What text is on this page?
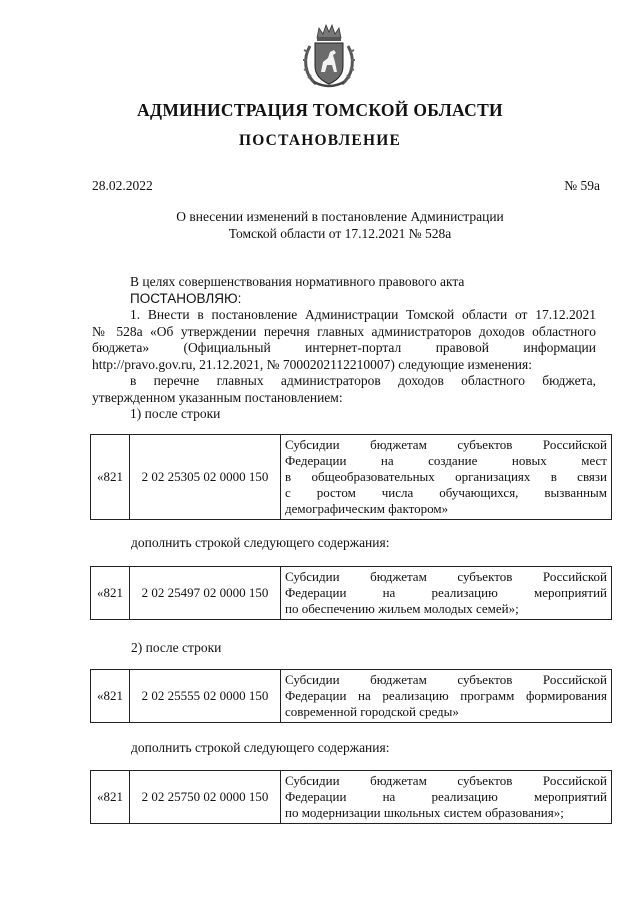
АДМИНИСТРАЦИЯ ТОМСКОЙ ОБЛАСТИ
ПОСТАНОВЛЕНИЕ
28.02.2022	№ 59а
О внесении изменений в постановление Администрации
Томской области от 17.12.2021 № 528а

В целях совершенствования нормативного правового акта

ПОСТАНОВЛЯЮ:

1. Внести в постановление Администрации Томской области от 17.12.2021

№ 528а «Об утверждении перечня главных администраторов доходов областного

бюджета» (Официальный интернет-портал правовой информации

http://pravo.gov.ru, 21.12.2021, № 7000202112210007) следующие изменения:

в перечне главных администраторов доходов областного бюджета,

утвержденном указанным постановлением:

1) после строки

«821	2 02 25305 02 0000 150	
Субсидии бюджетам субъектов Российской
Федерации на создание новых мест
в общеобразовательных организациях в связи
с ростом числа обучающихся, вызванным
демографическим фактором»
дополнить строкой следующего содержания:
«821	2 02 25497 02 0000 150	
Субсидии бюджетам субъектов Российской
Федерации на реализацию мероприятий
по обеспечению жильем молодых семей»;
2) после строки
«821	2 02 25555 02 0000 150	
Субсидии бюджетам субъектов Российской
Федерации на реализацию программ формирования
современной городской среды»
дополнить строкой следующего содержания:
«821	2 02 25750 02 0000 150	
Субсидии бюджетам субъектов Российской
Федерации на реализацию мероприятий
по модернизации школьных систем образования»;
